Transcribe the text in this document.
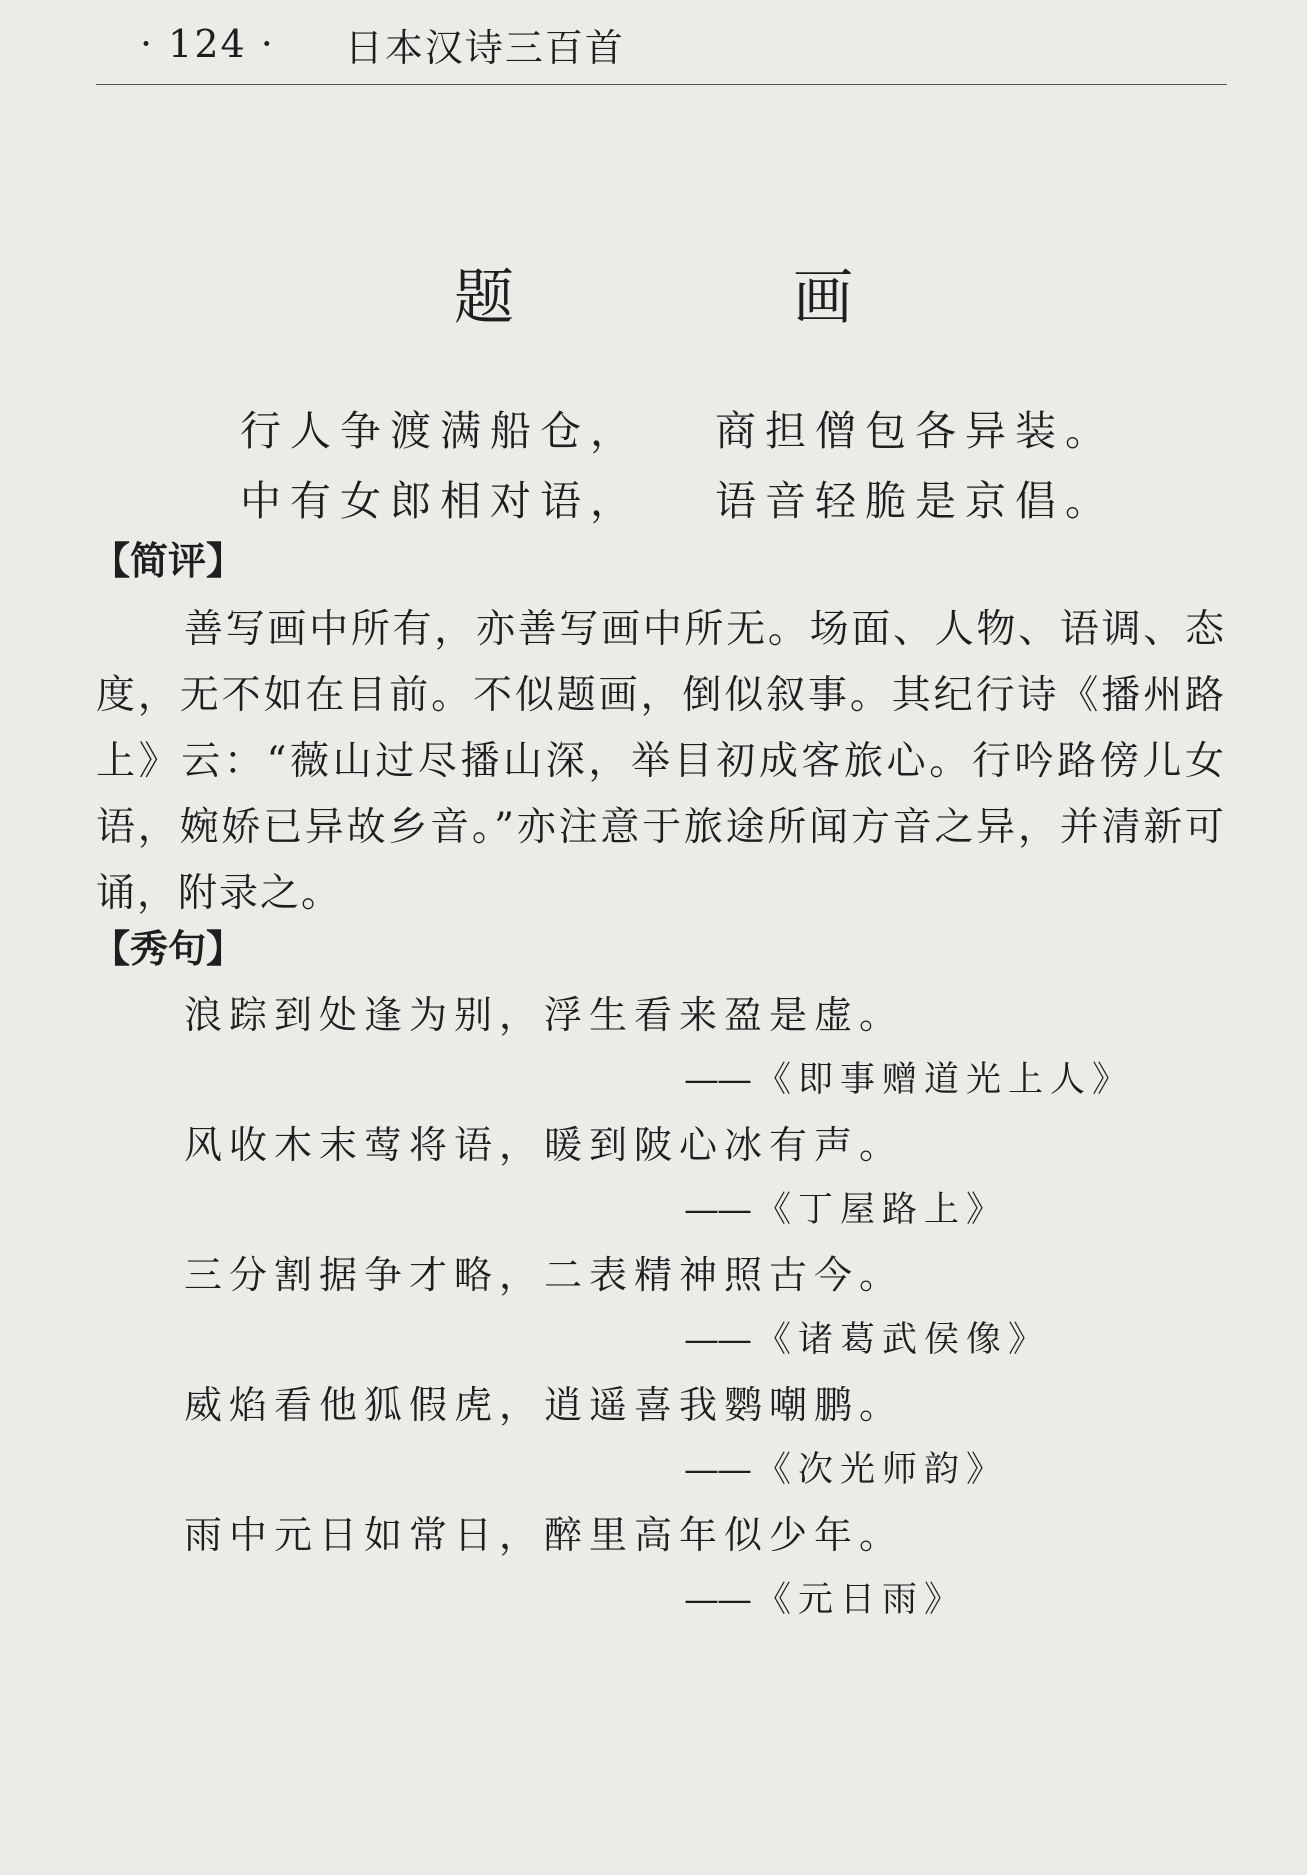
· 124 · 日本汉诗三百首
题 画
行人争渡满船仓，	商担僧包各异装。
中有女郎相对语，	语音轻脆是京倡。
【简评】
善写画中所有，亦善写画中所无。场面、人物、语调、态度，无不如在目前。不似题画，倒似叙事。其纪行诗《播州路上》云：“薇山过尽播山深，举目初成客旅心。行吟路傍儿女语，婉娇已异故乡音。”亦注意于旅途所闻方音之异，并清新可诵，附录之。
【秀句】
浪踪到处逢为别，浮生看来盈是虚。
—— 《即事赠道光上人》
风收木末莺将语，暖到陂心冰有声。
—— 《丁屋路上》
三分割据争才略，二表精神照古今。
—— 《诸葛武侯像》
威焰看他狐假虎，逍遥喜我鹦嘲鹏。
—— 《次光师韵》
雨中元日如常日，醉里高年似少年。
—— 《元日雨》
